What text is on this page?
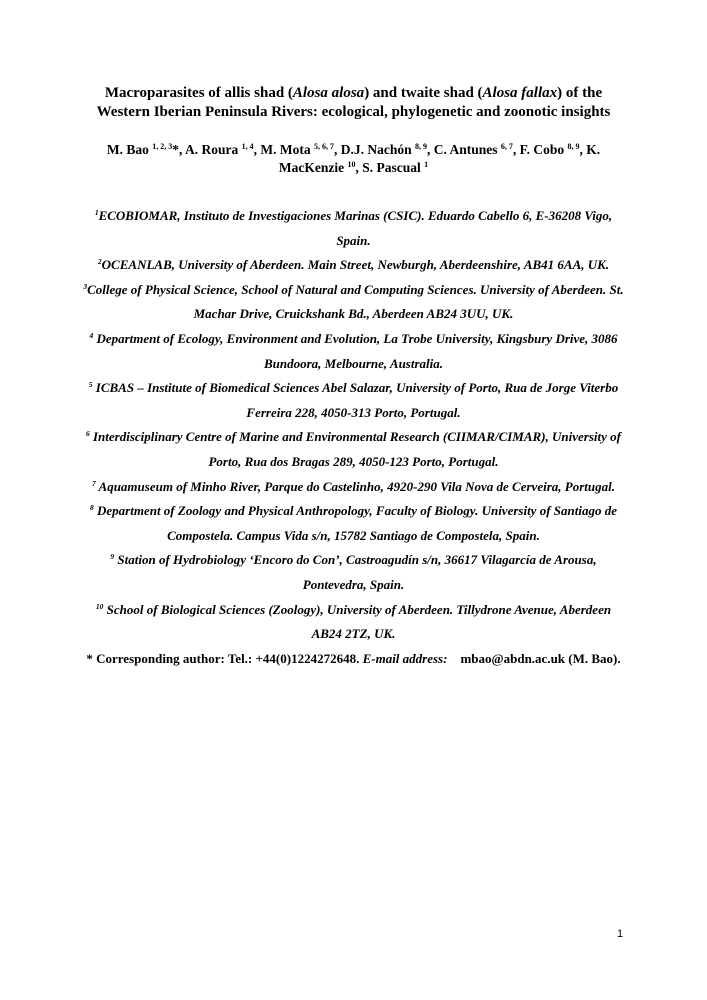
Macroparasites of allis shad (Alosa alosa) and twaite shad (Alosa fallax) of the Western Iberian Peninsula Rivers: ecological, phylogenetic and zoonotic insights
M. Bao $^{1, 2, 3}$*, A. Roura $^{1, 4}$, M. Mota $^{5, 6, 7}$, D.J. Nachón $^{8, 9}$, C. Antunes $^{6, 7}$, F. Cobo $^{8, 9}$, K. MacKenzie $^{10}$, S. Pascual $^1$

$^1$ECOBIOMAR, Instituto de Investigaciones Marinas (CSIC). Eduardo Cabello 6, E-36208 Vigo, Spain.

$^2$OCEANLAB, University of Aberdeen. Main Street, Newburgh, Aberdeenshire, AB41 6AA, UK.

$^3$College of Physical Science, School of Natural and Computing Sciences. University of Aberdeen. St. Machar Drive, Cruickshank Bd., Aberdeen AB24 3UU, UK.

$^4$ Department of Ecology, Environment and Evolution, La Trobe University, Kingsbury Drive, 3086 Bundoora, Melbourne, Australia.

$^5$ ICBAS – Institute of Biomedical Sciences Abel Salazar, University of Porto, Rua de Jorge Viterbo Ferreira 228, 4050-313 Porto, Portugal.

$^6$ Interdisciplinary Centre of Marine and Environmental Research (CIIMAR/CIMAR), University of Porto, Rua dos Bragas 289, 4050-123 Porto, Portugal.

$^7$ Aquamuseum of Minho River, Parque do Castelinho, 4920-290 Vila Nova de Cerveira, Portugal.

$^8$ Department of Zoology and Physical Anthropology, Faculty of Biology. University of Santiago de Compostela. Campus Vida s/n, 15782 Santiago de Compostela, Spain.

$^9$ Station of Hydrobiology ‘Encoro do Con’, Castroagudín s/n, 36617 Vilagarcía de Arousa, Pontevedra, Spain.

$^{10}$ School of Biological Sciences (Zoology), University of Aberdeen. Tillydrone Avenue, Aberdeen AB24 2TZ, UK.

* Corresponding author: Tel.: +44(0)1224272648. E-mail address: mbao@abdn.ac.uk (M. Bao).

1
